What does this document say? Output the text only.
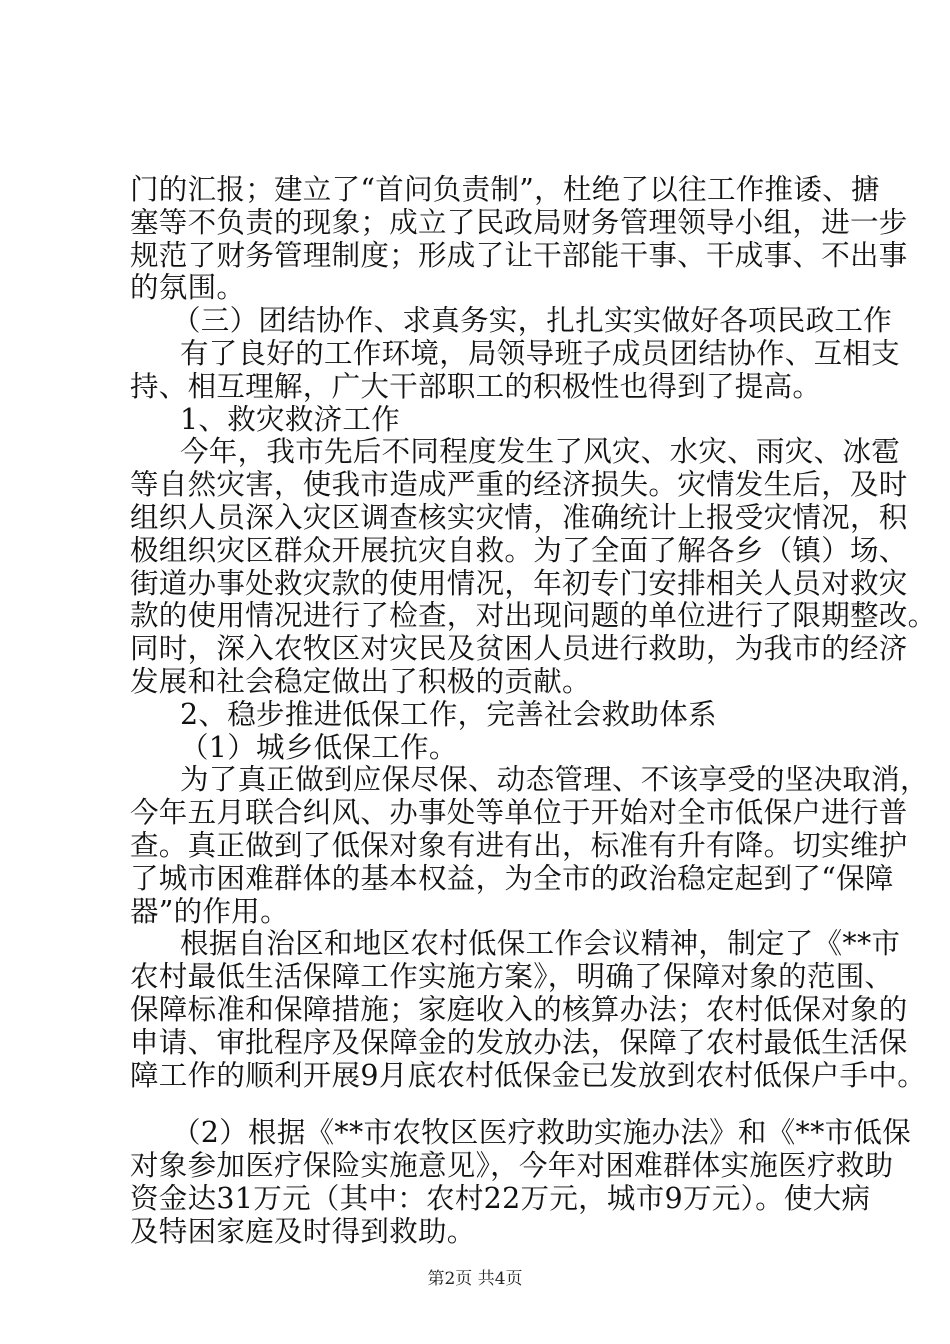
门的汇报；建立了“首问负责制”，杜绝了以往工作推诿、搪
塞等不负责的现象；成立了民政局财务管理领导小组，进一步
规范了财务管理制度；形成了让干部能干事、干成事、不出事
的氛围。
（三）团结协作、求真务实，扎扎实实做好各项民政工作
有了良好的工作环境，局领导班子成员团结协作、互相支
持、相互理解，广大干部职工的积极性也得到了提高。
1、救灾救济工作
今年，我市先后不同程度发生了风灾、水灾、雨灾、冰雹
等自然灾害，使我市造成严重的经济损失。灾情发生后，及时
组织人员深入灾区调查核实灾情，准确统计上报受灾情况，积
极组织灾区群众开展抗灾自救。为了全面了解各乡（镇）场、
街道办事处救灾款的使用情况，年初专门安排相关人员对救灾
款的使用情况进行了检查，对出现问题的单位进行了限期整改。
同时，深入农牧区对灾民及贫困人员进行救助，为我市的经济
发展和社会稳定做出了积极的贡献。
2、稳步推进低保工作，完善社会救助体系
（1）城乡低保工作。
为了真正做到应保尽保、动态管理、不该享受的坚决取消，
今年五月联合纠风、办事处等单位于开始对全市低保户进行普
查。真正做到了低保对象有进有出，标准有升有降。切实维护
了城市困难群体的基本权益，为全市的政治稳定起到了“保障
器”的作用。
根据自治区和地区农村低保工作会议精神，制定了《**市
农村最低生活保障工作实施方案》，明确了保障对象的范围、
保障标准和保障措施；家庭收入的核算办法；农村低保对象的
申请、审批程序及保障金的发放办法，保障了农村最低生活保
障工作的顺利开展9月底农村低保金已发放到农村低保户手中。
（2）根据《**市农牧区医疗救助实施办法》和《**市低保
对象参加医疗保险实施意见》，今年对困难群体实施医疗救助
资金达31万元（其中：农村22万元，城市9万元）。使大病
及特困家庭及时得到救助。
第2页 共4页
